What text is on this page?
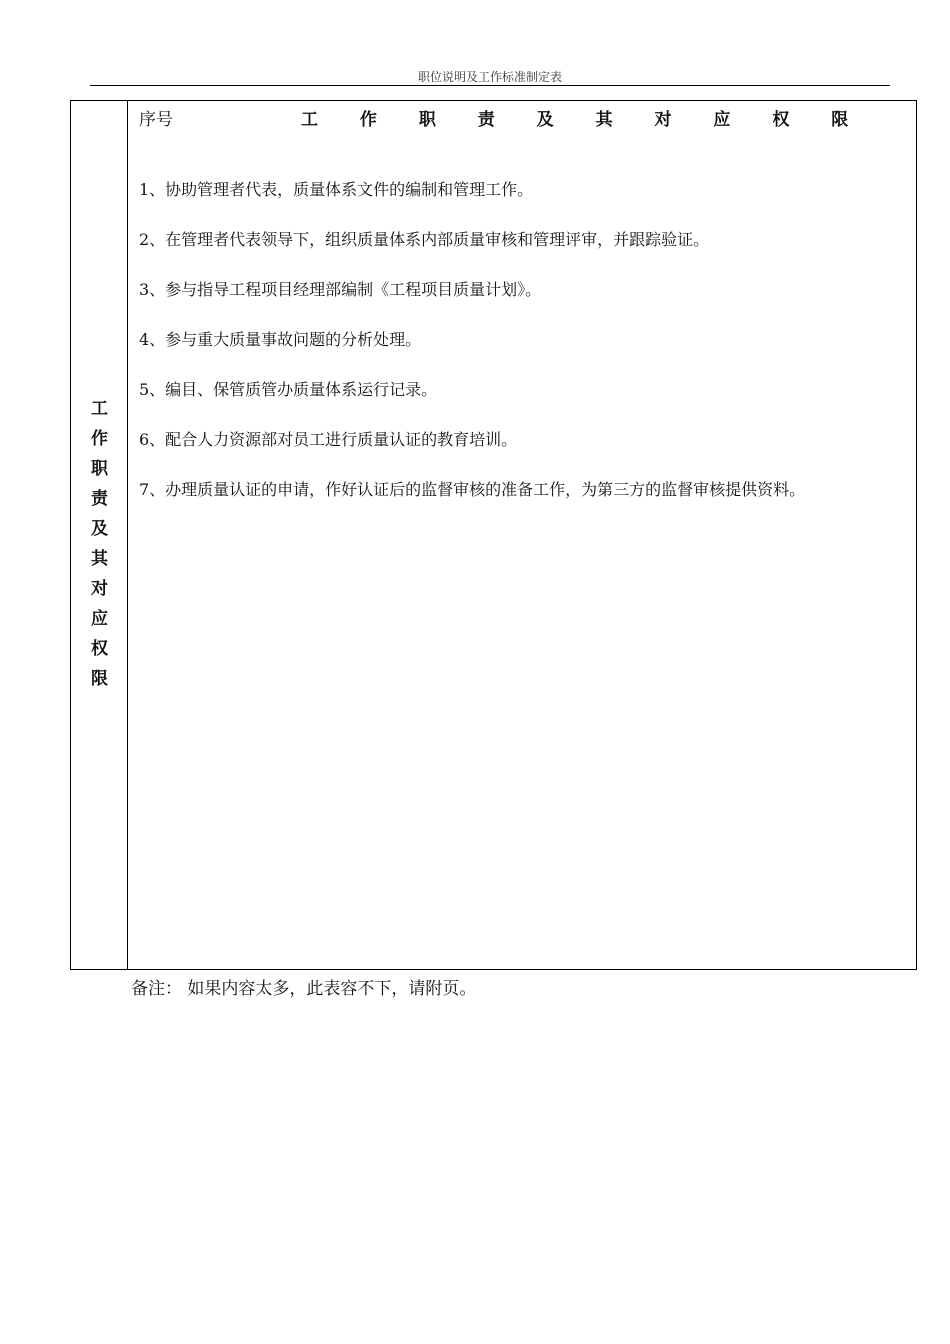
职位说明及工作标准制定表
工
作
职
责
及
其
对
应
权
限
序号	工 作 职 责 及 其 对 应 权 限

1、协助管理者代表，质量体系文件的编制和管理工作。

2、在管理者代表领导下，组织质量体系内部质量审核和管理评审，并跟踪验证。

3、参与指导工程项目经理部编制《工程项目质量计划》。

4、参与重大质量事故问题的分析处理。

5、编目、保管质管办质量体系运行记录。

6、配合人力资源部对员工进行质量认证的教育培训。

7、办理质量认证的申请，作好认证后的监督审核的准备工作，为第三方的监督审核提供资料。

备注： 如果内容太多，此表容不下，请附页。
